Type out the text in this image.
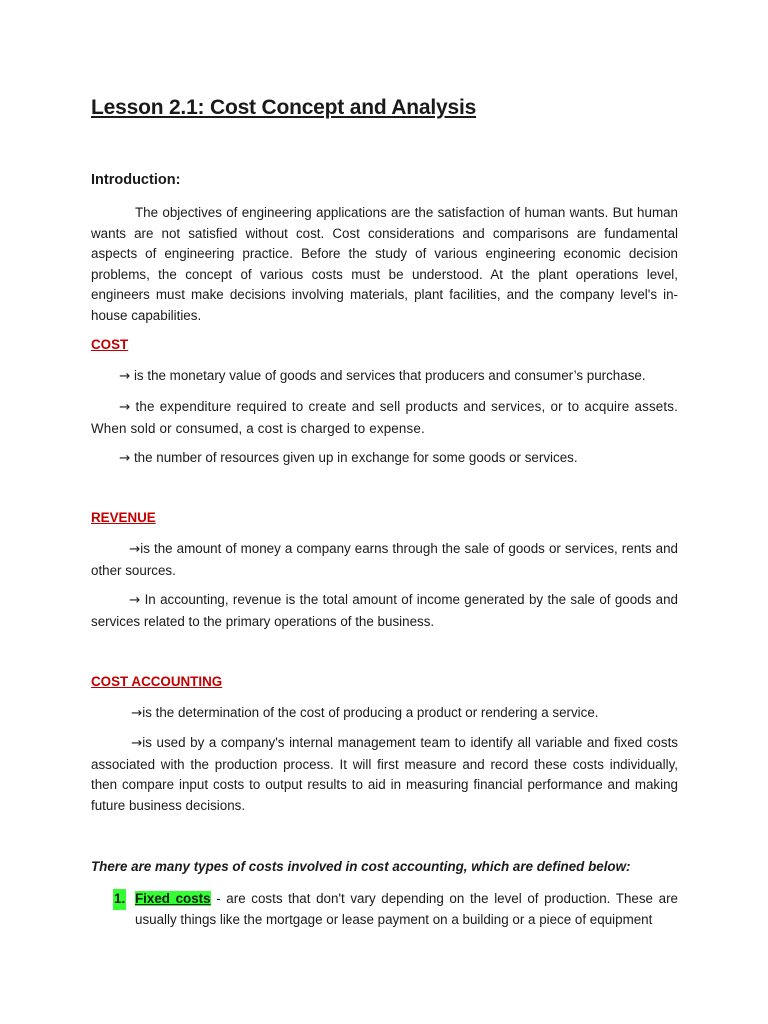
Lesson 2.1: Cost Concept and Analysis
Introduction:

The objectives of engineering applications are the satisfaction of human wants. But human wants are not satisfied without cost. Cost considerations and comparisons are fundamental aspects of engineering practice. Before the study of various engineering economic decision problems, the concept of various costs must be understood. At the plant operations level, engineers must make decisions involving materials, plant facilities, and the company level's in-house capabilities.

COST

→ is the monetary value of goods and services that producers and consumer’s purchase.

→ the expenditure required to create and sell products and services, or to acquire assets. When sold or consumed, a cost is charged to expense.

→ the number of resources given up in exchange for some goods or services.

REVENUE

→is the amount of money a company earns through the sale of goods or services, rents and other sources.

→ In accounting, revenue is the total amount of income generated by the sale of goods and services related to the primary operations of the business.

COST ACCOUNTING

→is the determination of the cost of producing a product or rendering a service.

→is used by a company's internal management team to identify all variable and fixed costs associated with the production process. It will first measure and record these costs individually, then compare input costs to output results to aid in measuring financial performance and making future business decisions.

There are many types of costs involved in cost accounting, which are defined below:

1. Fixed costs - are costs that don't vary depending on the level of production. These are usually things like the mortgage or lease payment on a building or a piece of equipment
